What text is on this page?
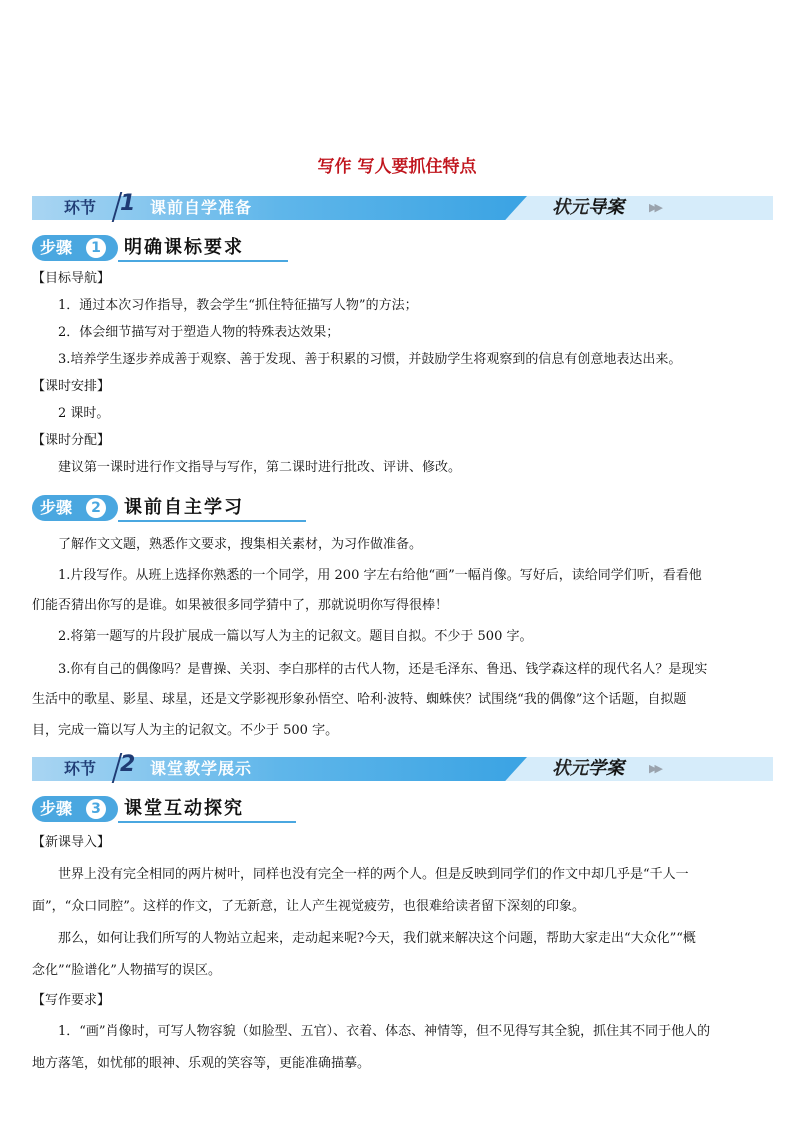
写作 写人要抓住特点
环节 1 课前自学准备	状元导案 ▶▶
步骤	1 明确课标要求
【目标导航】
1．通过本次习作指导，教会学生“抓住特征描写人物”的方法；
2．体会细节描写对于塑造人物的特殊表达效果；
3.培养学生逐步养成善于观察、善于发现、善于积累的习惯，并鼓励学生将观察到的信息有创意地表达出来。
【课时安排】
2 课时。
【课时分配】
建议第一课时进行作文指导与写作，第二课时进行批改、评讲、修改。
步骤	2 课前自主学习
了解作文文题，熟悉作文要求，搜集相关素材，为习作做准备。
1.片段写作。从班上选择你熟悉的一个同学，用 200 字左右给他“画”一幅肖像。写好后，读给同学们听，看看他
们能否猜出你写的是谁。如果被很多同学猜中了，那就说明你写得很棒！
2.将第一题写的片段扩展成一篇以写人为主的记叙文。题目自拟。不少于 500 字。
3.你有自己的偶像吗？是曹操、关羽、李白那样的古代人物，还是毛泽东、鲁迅、钱学森这样的现代名人？是现实
生活中的歌星、影星、球星，还是文学影视形象孙悟空、哈利·波特、蜘蛛侠？试围绕“我的偶像”这个话题，自拟题
目，完成一篇以写人为主的记叙文。不少于 500 字。
环节 2 课堂教学展示	状元学案 ▶▶
步骤	3 课堂互动探究
【新课导入】
世界上没有完全相同的两片树叶，同样也没有完全一样的两个人。但是反映到同学们的作文中却几乎是“千人一
面”，“众口同腔”。这样的作文，了无新意，让人产生视觉疲劳，也很难给读者留下深刻的印象。
那么，如何让我们所写的人物站立起来，走动起来呢?今天，我们就来解决这个问题，帮助大家走出“大众化”“概
念化”“脸谱化”人物描写的误区。
【写作要求】
1．“画”肖像时，可写人物容貌（如脸型、五官）、衣着、体态、神情等，但不见得写其全貌，抓住其不同于他人的
地方落笔，如忧郁的眼神、乐观的笑容等，更能准确描摹。
